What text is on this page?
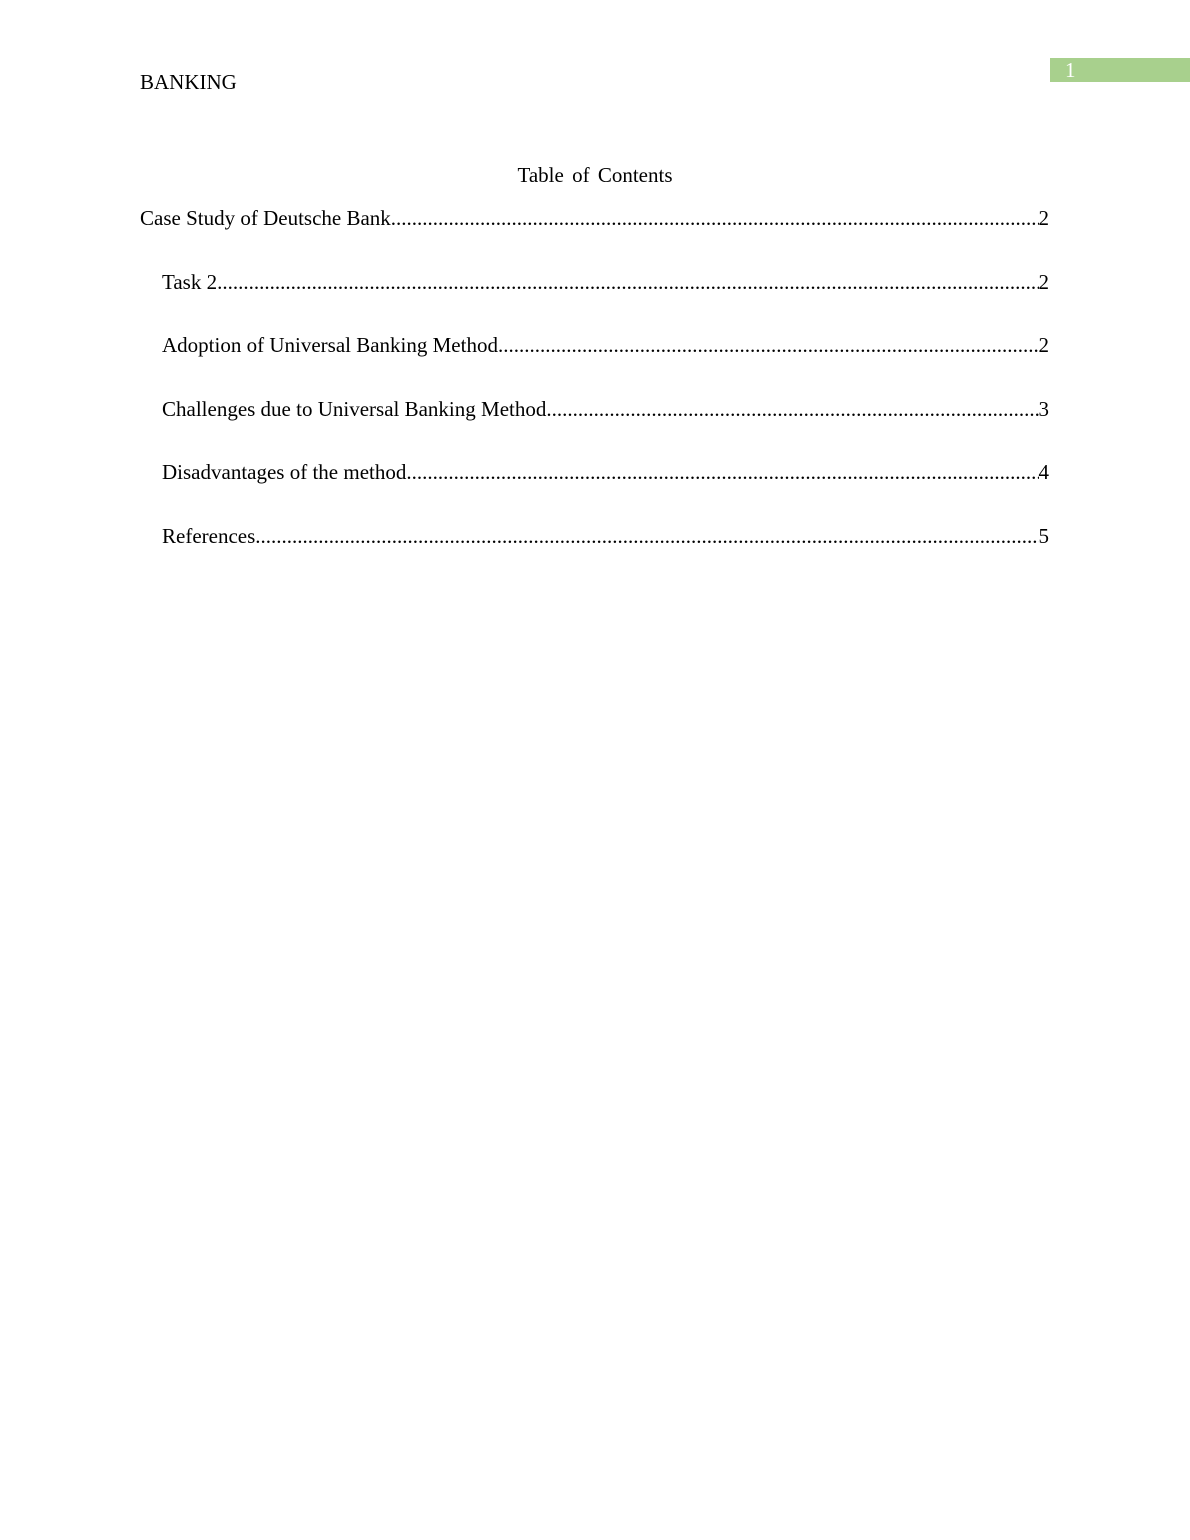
BANKING	1
Table of Contents
Case Study of Deutsche Bank .....	2
Task 2 .....	2
Adoption of Universal Banking Method .....	2
Challenges due to Universal Banking Method .....	3
Disadvantages of the method .....	4
References .....	5
